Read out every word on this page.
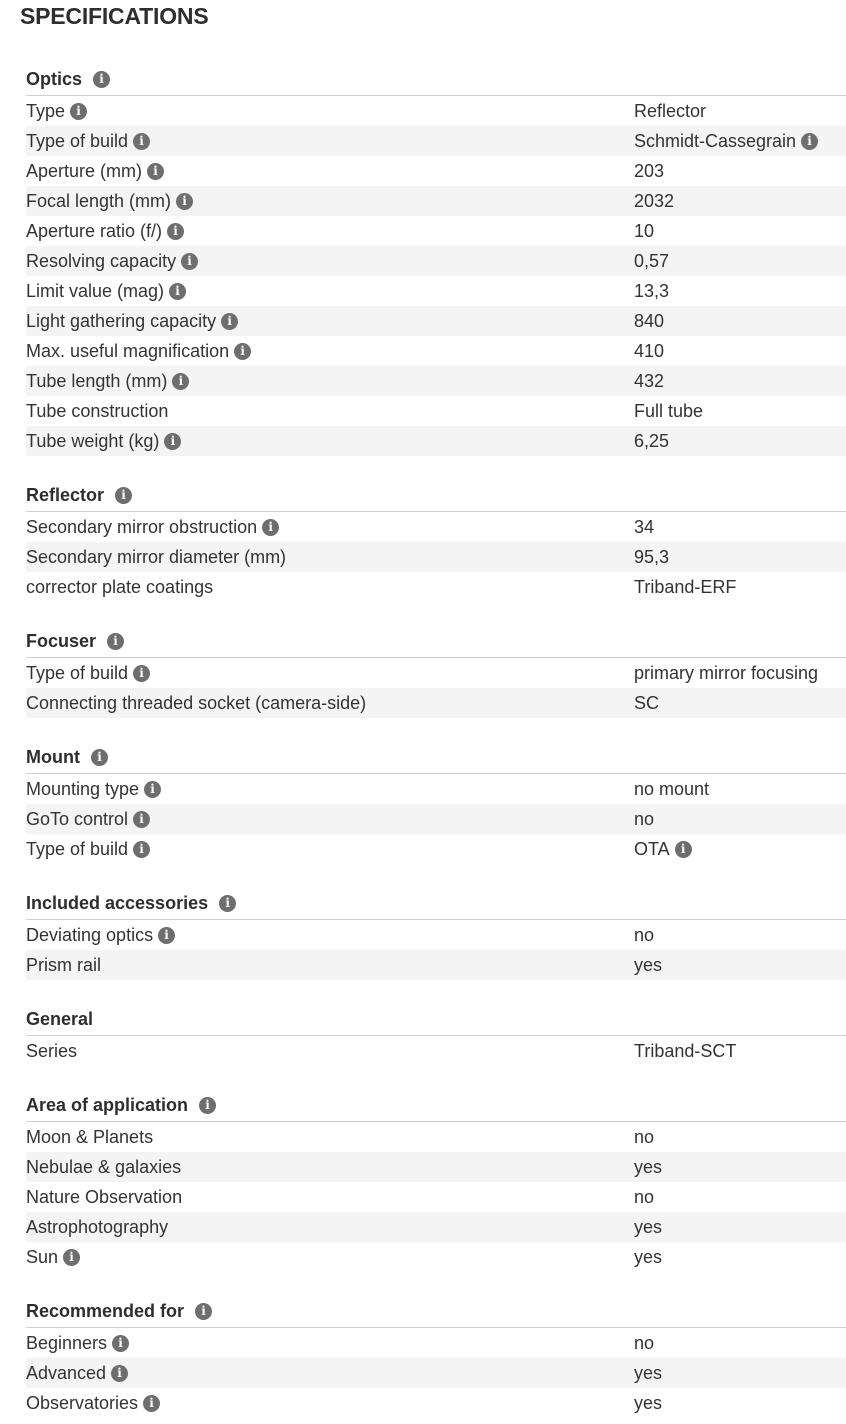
SPECIFICATIONS
Optics	i
Type i	Reflector
Type of build i	Schmidt-Cassegrain i
Aperture (mm) i	203
Focal length (mm) i	2032
Aperture ratio (f/) i	10
Resolving capacity i	0,57
Limit value (mag) i	13,3
Light gathering capacity i	840
Max. useful magnification i	410
Tube length (mm) i	432
Tube construction	Full tube
Tube weight (kg) i	6,25
Reflector	i
Secondary mirror obstruction i	34
Secondary mirror diameter (mm)	95,3
corrector plate coatings	Triband-ERF
Focuser	i
Type of build i	primary mirror focusing
Connecting threaded socket (camera-side)	SC
Mount	i
Mounting type i	no mount
GoTo control i	no
Type of build i	OTA i
Included accessories	i
Deviating optics i	no
Prism rail	yes
General
Series	Triband-SCT
Area of application	i
Moon & Planets	no
Nebulae & galaxies	yes
Nature Observation	no
Astrophotography	yes
Sun i	yes
Recommended for	i
Beginners i	no
Advanced i	yes
Observatories i	yes
